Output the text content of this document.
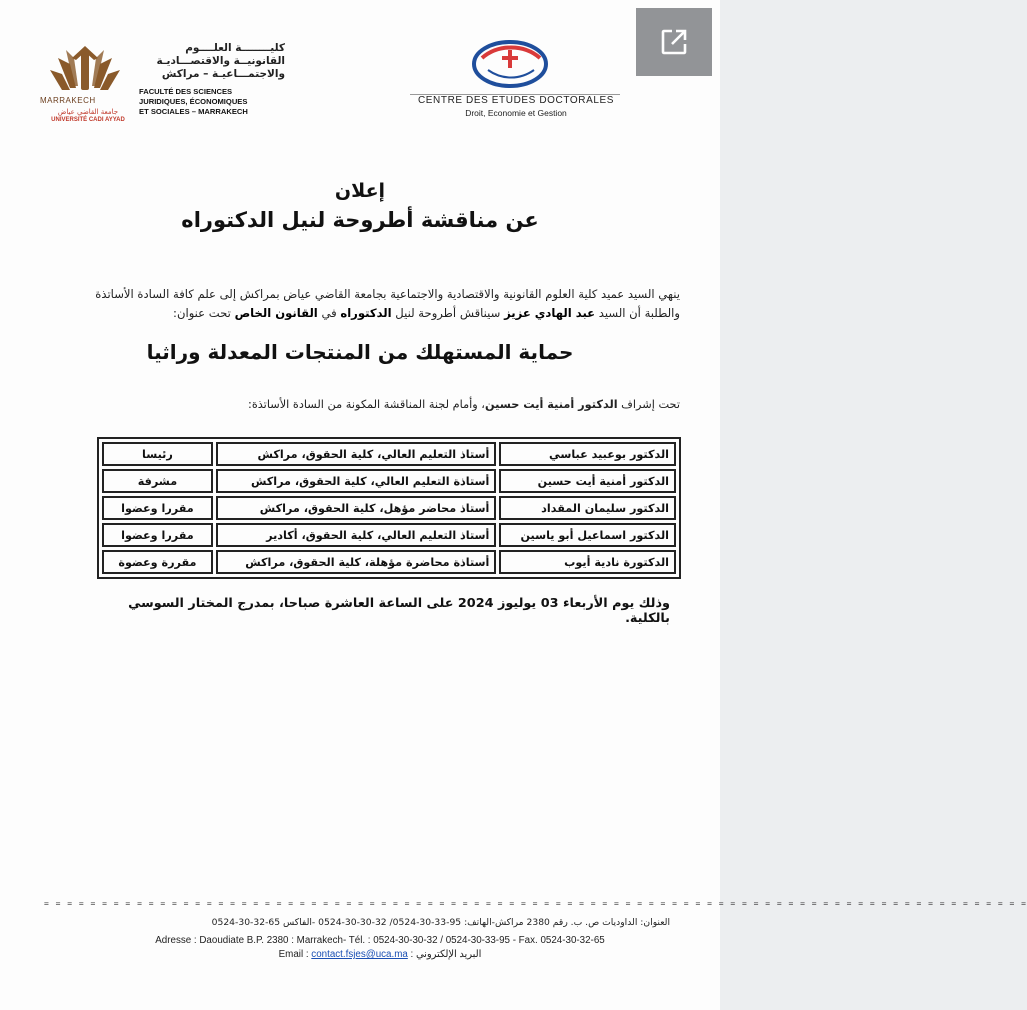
MARRAKECH
جامعة القاضي عياض
UNIVERSITÉ CADI AYYAD
كليــــــــة العلــــوم
القانونيــة والاقتصـــاديـة
والاجتمـــاعيـة – مراكش
FACULTÉ DES SCIENCES
JURIDIQUES, ÉCONOMIQUES
ET SOCIALES – MARRAKECH
CENTRE DES ETUDES DOCTORALES
Droit, Economie et Gestion
إعلان
عن مناقشة أطروحة لنيل الدكتوراه
ينهي السيد عميد كلية العلوم القانونية والاقتصادية والاجتماعية بجامعة القاضي عياض بمراكش إلى علم كافة السادة الأساتذة والطلبة أن السيد عبد الهادي عزيز سيناقش أطروحة لنيل الدكتوراه في القانون الخاص تحت عنوان:
حماية المستهلك من المنتجات المعدلة وراثيا
تحت إشراف الدكتور أمنية أيت حسين، وأمام لجنة المناقشة المكونة من السادة الأساتذة:
الدكتور بوعبيد عباسي	أستاذ التعليم العالي، كلية الحقوق، مراكش	رئيسا
الدكتور أمنية أيت حسين	أستاذة التعليم العالي، كلية الحقوق، مراكش	مشرفة
الدكتور سليمان المقداد	أستاذ محاضر مؤهل، كلية الحقوق، مراكش	مقررا وعضوا
الدكتور اسماعيل أبو ياسين	أستاذ التعليم العالي، كلية الحقوق، أكادير	مقررا وعضوا
الدكتورة نادية أيوب	أستاذة محاضرة مؤهلة، كلية الحقوق، مراكش	مقررة وعضوة
وذلك يوم الأربعاء 03 يوليوز 2024 على الساعة العاشرة صباحا، بمدرج المختار السوسي بالكلية.
= = = = = = = = = = = = = = = = = = = = = = = = = = = = = = = = = = = = = = = = = = = = = = = = = = = = = = = = = = = = = = = = = = = = = = = = = = = = = = = = = = = = =
العنوان: الداوديات ص. ب. رقم 2380 مراكش-الهاتف: 95-33-30-0524/ 32-30-30-0524 -الفاكس 65-32-30-0524
Adresse : Daoudiate B.P. 2380 : Marrakech- Tél. : 0524-30-30-32 / 0524-30-33-95 - Fax. 0524-30-32-65
Email : contact.fsjes@uca.ma : البريد الإلكتروني
